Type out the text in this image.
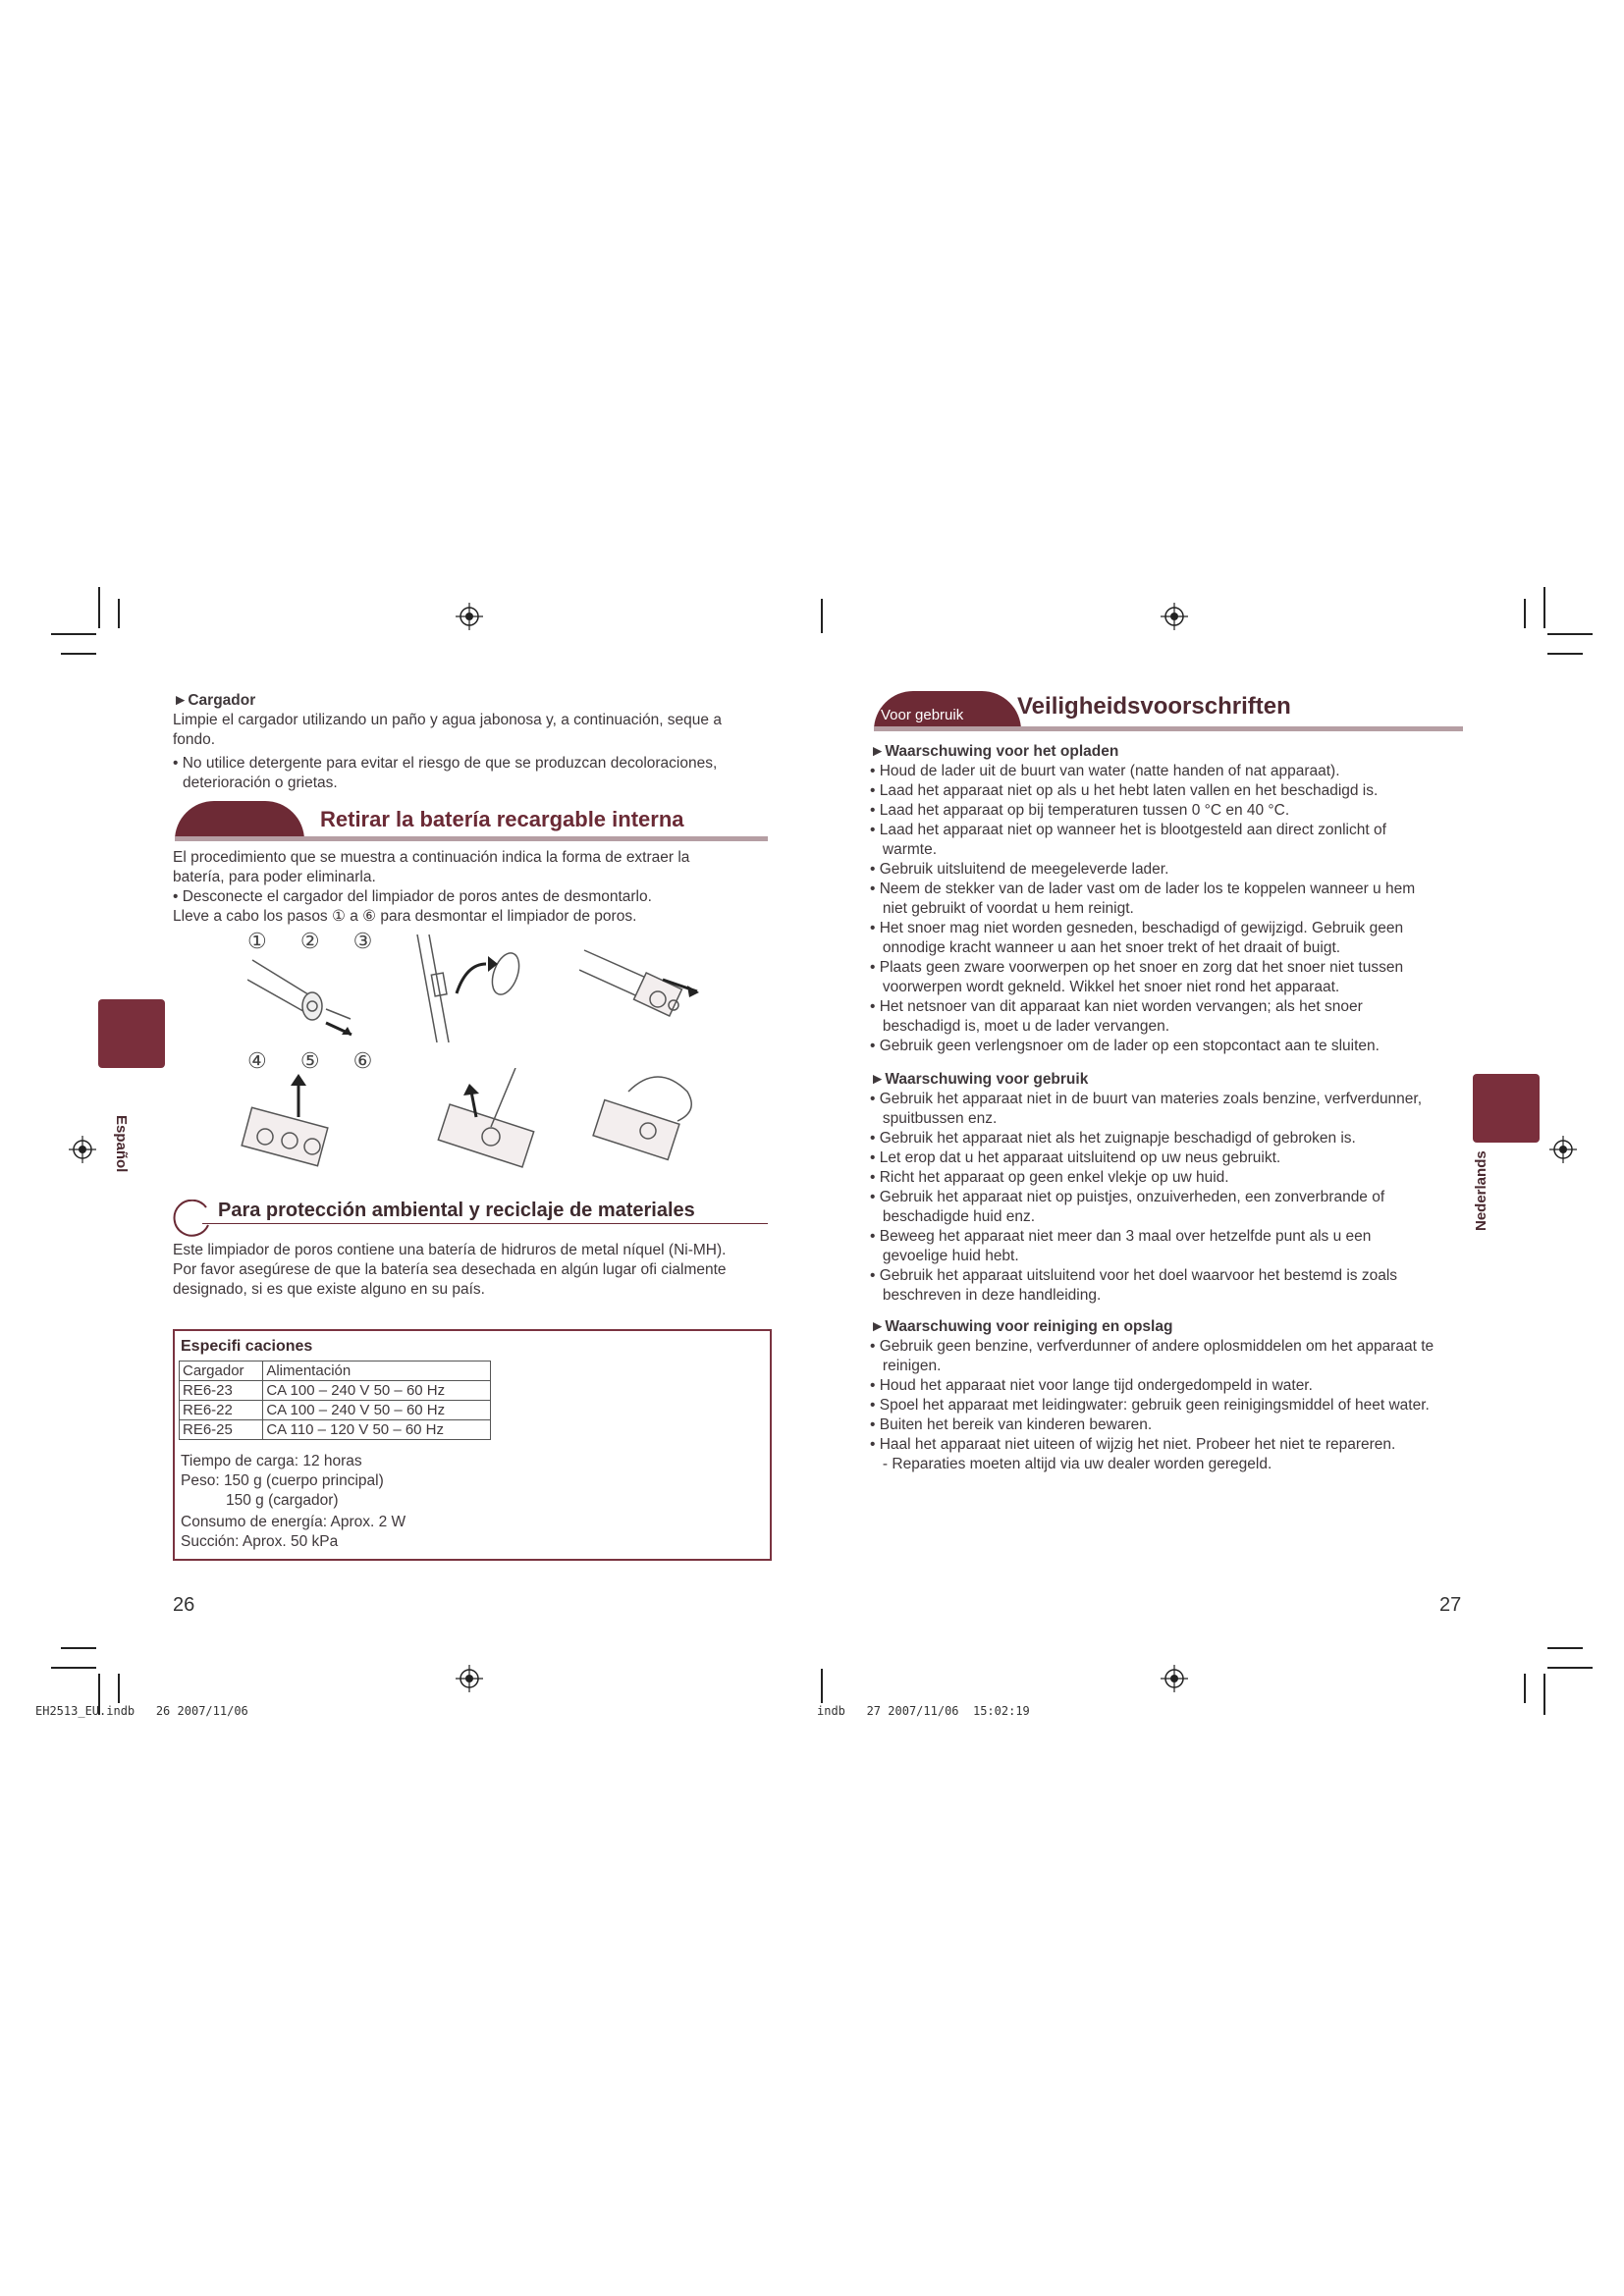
►Cargador
Limpie el cargador utilizando un paño y agua jabonosa y, a continuación, seque a
fondo.
• No utilice detergente para evitar el riesgo de que se produzcan decoloraciones,
deterioración o grietas.
Retirar la batería recargable interna
El procedimiento que se muestra a continuación indica la forma de extraer la
batería, para poder eliminarla.
• Desconecte el cargador del limpiador de poros antes de desmontarlo.
Lleve a cabo los pasos ① a ⑥ para desmontar el limpiador de poros.
① ② ③
④ ⑤ ⑥
Para protección ambiental y reciclaje de materiales
Este limpiador de poros contiene una batería de hidruros de metal níquel (Ni-MH).
Por favor asegúrese de que la batería sea desechada en algún lugar ofi cialmente
designado, si es que existe alguno en su país.
Especifi caciones
Cargador	Alimentación
RE6-23	CA 100 – 240 V 50 – 60 Hz
RE6-22	CA 100 – 240 V 50 – 60 Hz
RE6-25	CA 110 – 120 V 50 – 60 Hz
Tiempo de carga: 12 horas
Peso: 150 g (cuerpo principal)
150 g (cargador)
Consumo de energía: Aprox. 2 W
Succión: Aprox. 50 kPa
Español
26
Voor gebruik Veiligheidsvoorschriften
►Waarschuwing voor het opladen
• Houd de lader uit de buurt van water (natte handen of nat apparaat).
• Laad het apparaat niet op als u het hebt laten vallen en het beschadigd is.
• Laad het apparaat op bij temperaturen tussen 0 °C en 40 °C.
• Laad het apparaat niet op wanneer het is blootgesteld aan direct zonlicht of
warmte.
• Gebruik uitsluitend de meegeleverde lader.
• Neem de stekker van de lader vast om de lader los te koppelen wanneer u hem
niet gebruikt of voordat u hem reinigt.
• Het snoer mag niet worden gesneden, beschadigd of gewijzigd. Gebruik geen
onnodige kracht wanneer u aan het snoer trekt of het draait of buigt.
• Plaats geen zware voorwerpen op het snoer en zorg dat het snoer niet tussen
voorwerpen wordt gekneld. Wikkel het snoer niet rond het apparaat.
• Het netsnoer van dit apparaat kan niet worden vervangen; als het snoer
beschadigd is, moet u de lader vervangen.
• Gebruik geen verlengsnoer om de lader op een stopcontact aan te sluiten.
►Waarschuwing voor gebruik
• Gebruik het apparaat niet in de buurt van materies zoals benzine, verfverdunner,
spuitbussen enz.
• Gebruik het apparaat niet als het zuignapje beschadigd of gebroken is.
• Let erop dat u het apparaat uitsluitend op uw neus gebruikt.
• Richt het apparaat op geen enkel vlekje op uw huid.
• Gebruik het apparaat niet op puistjes, onzuiverheden, een zonverbrande of
beschadigde huid enz.
• Beweeg het apparaat niet meer dan 3 maal over hetzelfde punt als u een
gevoelige huid hebt.
• Gebruik het apparaat uitsluitend voor het doel waarvoor het bestemd is zoals
beschreven in deze handleiding.
►Waarschuwing voor reiniging en opslag
• Gebruik geen benzine, verfverdunner of andere oplosmiddelen om het apparaat te
reinigen.
• Houd het apparaat niet voor lange tijd ondergedompeld in water.
• Spoel het apparaat met leidingwater: gebruik geen reinigingsmiddel of heet water.
• Buiten het bereik van kinderen bewaren.
• Haal het apparaat niet uiteen of wijzig het niet. Probeer het niet te repareren.
- Reparaties moeten altijd via uw dealer worden geregeld.
Nederlands
27
EH2513_EU.indb   26 2007/11/06	indb   27 2007/11/06 15:02:19
